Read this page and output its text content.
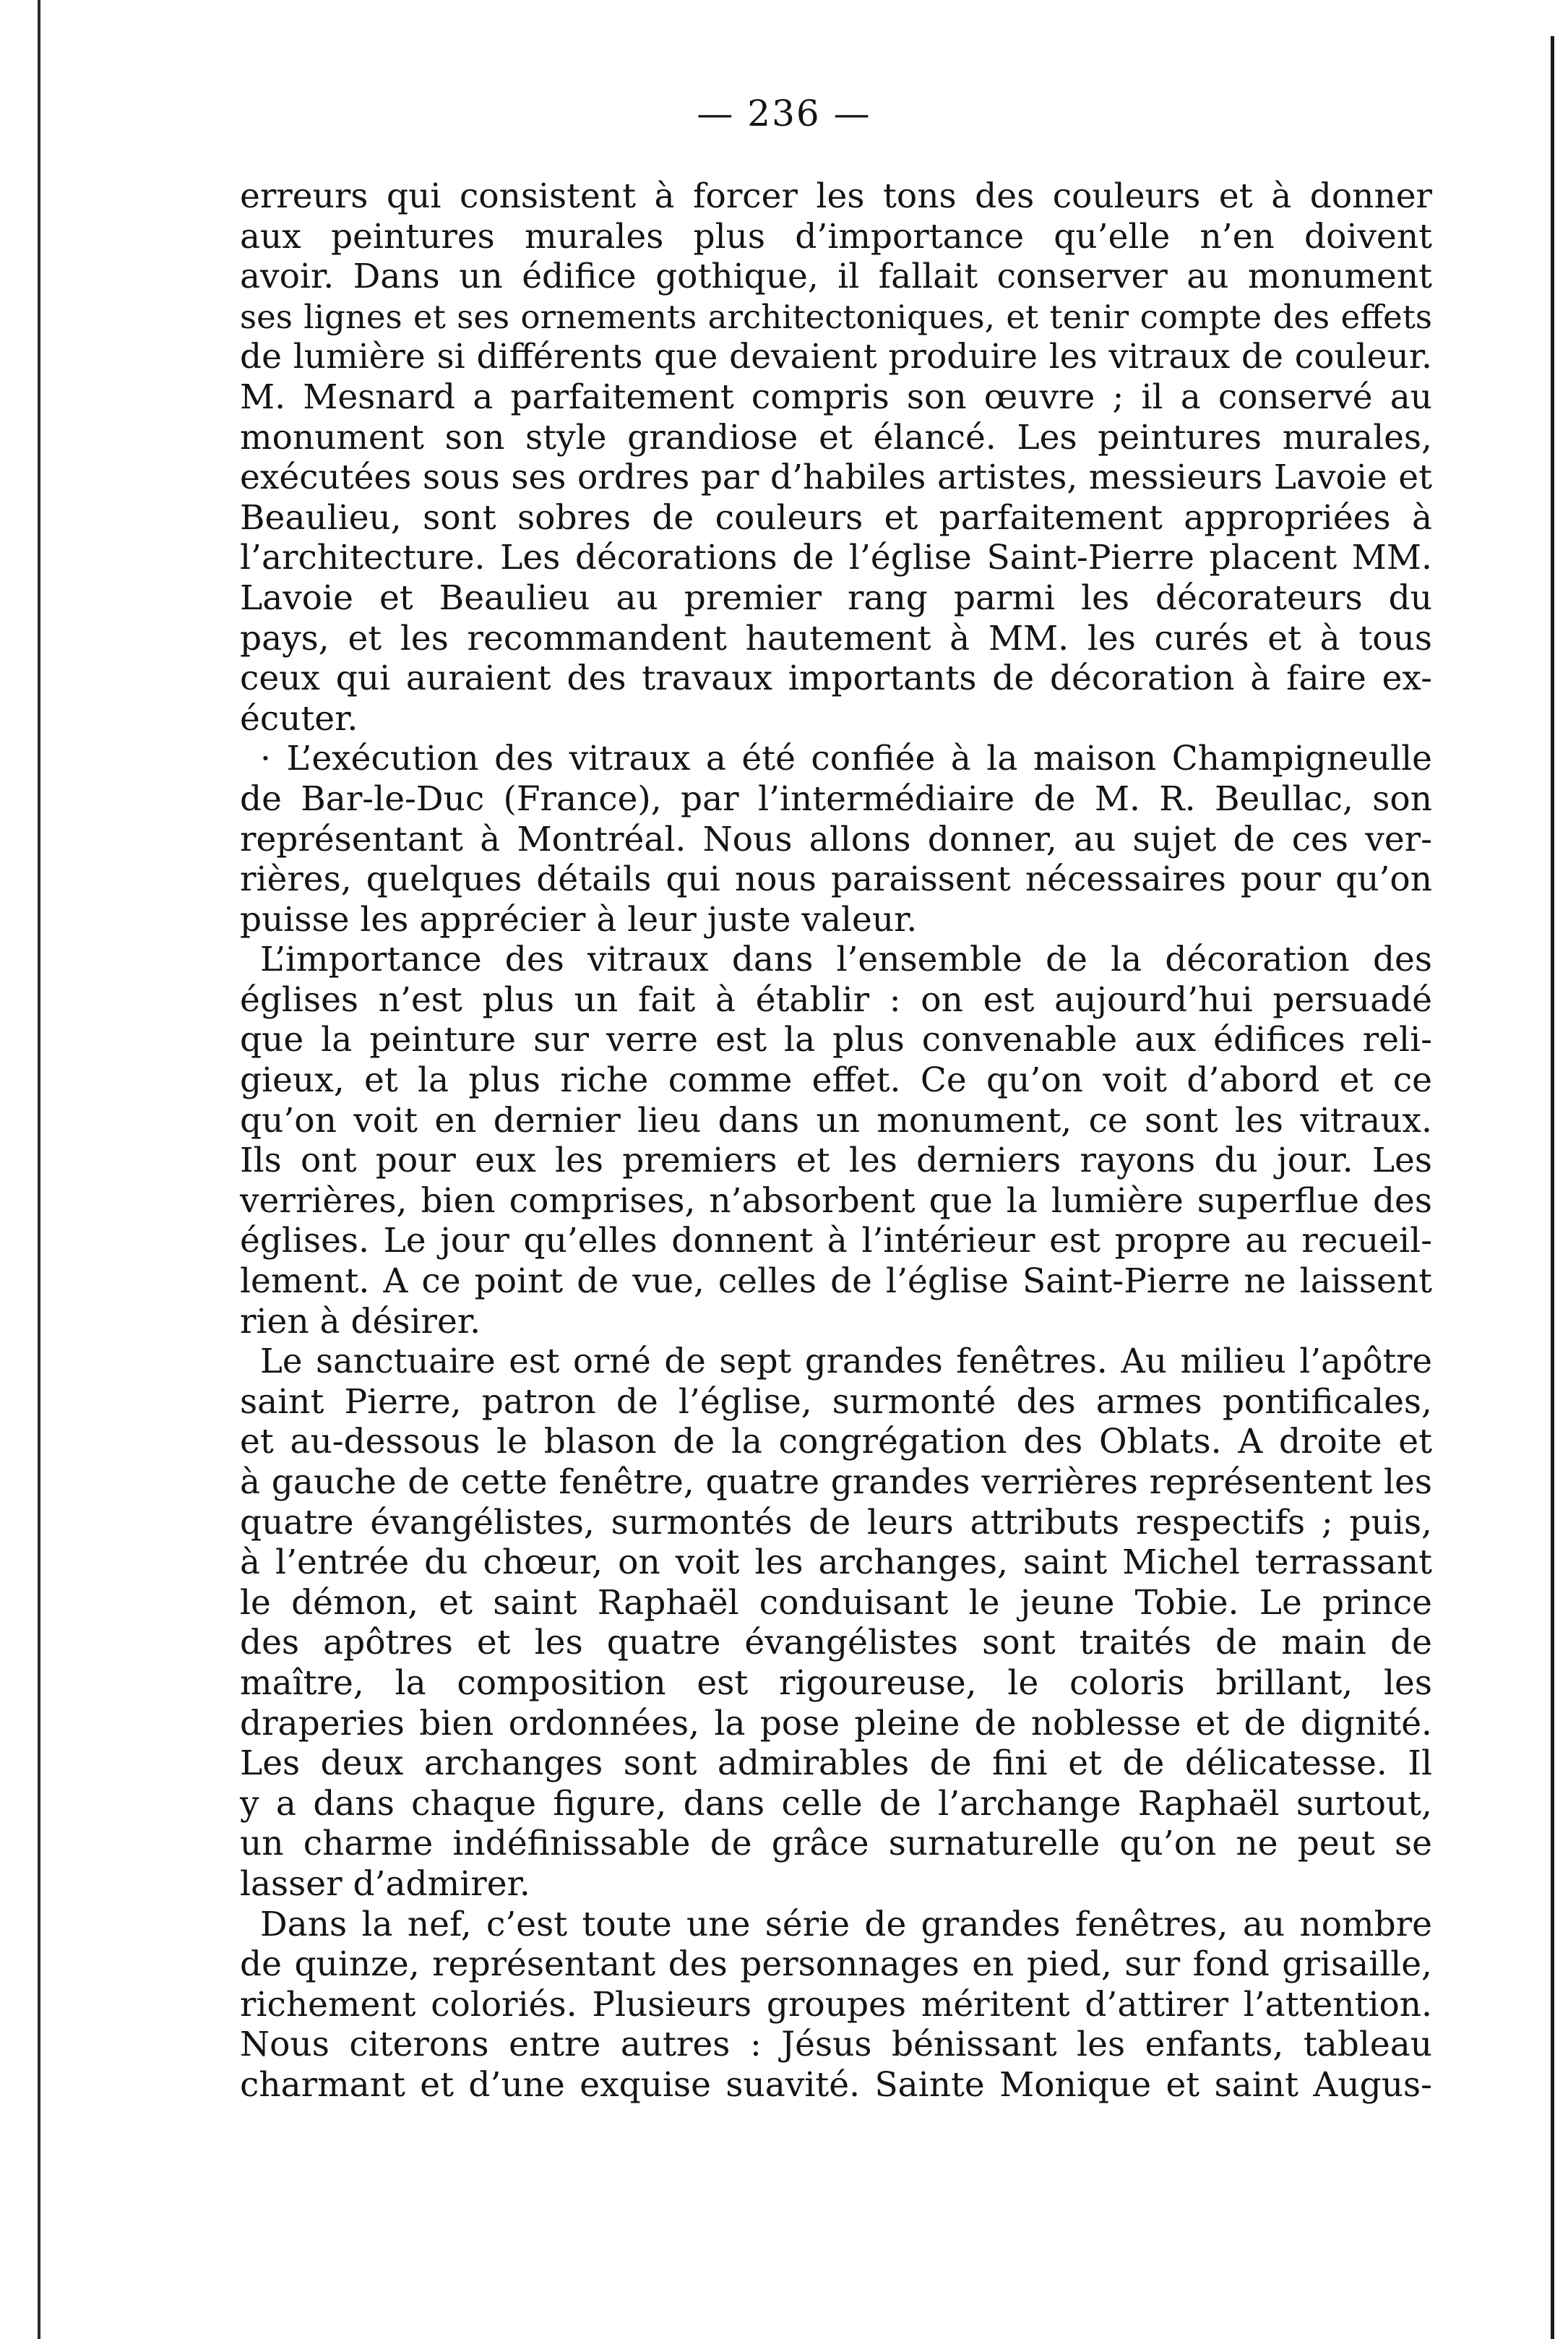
— 236 —
erreurs qui consistent à forcer les tons des couleurs et à donner
aux peintures murales plus d’importance qu’elle n’en doivent
avoir. Dans un édifice gothique, il fallait conserver au monument
ses lignes et ses ornements architectoniques, et tenir compte des effets
de lumière si différents que devaient produire les vitraux de couleur.
M. Mesnard a parfaitement compris son œuvre ; il a conservé au
monument son style grandiose et élancé. Les peintures murales,
exécutées sous ses ordres par d’habiles artistes, messieurs Lavoie et
Beaulieu, sont sobres de couleurs et parfaitement appropriées à
l’architecture. Les décorations de l’église Saint-Pierre placent MM.
Lavoie et Beaulieu au premier rang parmi les décorateurs du
pays, et les recommandent hautement à MM. les curés et à tous
ceux qui auraient des travaux importants de décoration à faire ex-
écuter.
· L’exécution des vitraux a été confiée à la maison Champigneulle
de Bar-le-Duc (France), par l’intermédiaire de M. R. Beullac, son
représentant à Montréal. Nous allons donner, au sujet de ces ver-
rières, quelques détails qui nous paraissent nécessaires pour qu’on
puisse les apprécier à leur juste valeur.
L’importance des vitraux dans l’ensemble de la décoration des
églises n’est plus un fait à établir : on est aujourd’hui persuadé
que la peinture sur verre est la plus convenable aux édifices reli-
gieux, et la plus riche comme effet. Ce qu’on voit d’abord et ce
qu’on voit en dernier lieu dans un monument, ce sont les vitraux.
Ils ont pour eux les premiers et les derniers rayons du jour. Les
verrières, bien comprises, n’absorbent que la lumière superflue des
églises. Le jour qu’elles donnent à l’intérieur est propre au recueil-
lement. A ce point de vue, celles de l’église Saint-Pierre ne laissent
rien à désirer.
Le sanctuaire est orné de sept grandes fenêtres. Au milieu l’apôtre
saint Pierre, patron de l’église, surmonté des armes pontificales,
et au-dessous le blason de la congrégation des Oblats. A droite et
à gauche de cette fenêtre, quatre grandes verrières représentent les
quatre évangélistes, surmontés de leurs attributs respectifs ; puis,
à l’entrée du chœur, on voit les archanges, saint Michel terrassant
le démon, et saint Raphaël conduisant le jeune Tobie. Le prince
des apôtres et les quatre évangélistes sont traités de main de
maître, la composition est rigoureuse, le coloris brillant, les
draperies bien ordonnées, la pose pleine de noblesse et de dignité.
Les deux archanges sont admirables de fini et de délicatesse. Il
y a dans chaque figure, dans celle de l’archange Raphaël surtout,
un charme indéfinissable de grâce surnaturelle qu’on ne peut se
lasser d’admirer.
Dans la nef, c’est toute une série de grandes fenêtres, au nombre
de quinze, représentant des personnages en pied, sur fond grisaille,
richement coloriés. Plusieurs groupes méritent d’attirer l’attention.
Nous citerons entre autres : Jésus bénissant les enfants, tableau
charmant et d’une exquise suavité. Sainte Monique et saint Augus-
